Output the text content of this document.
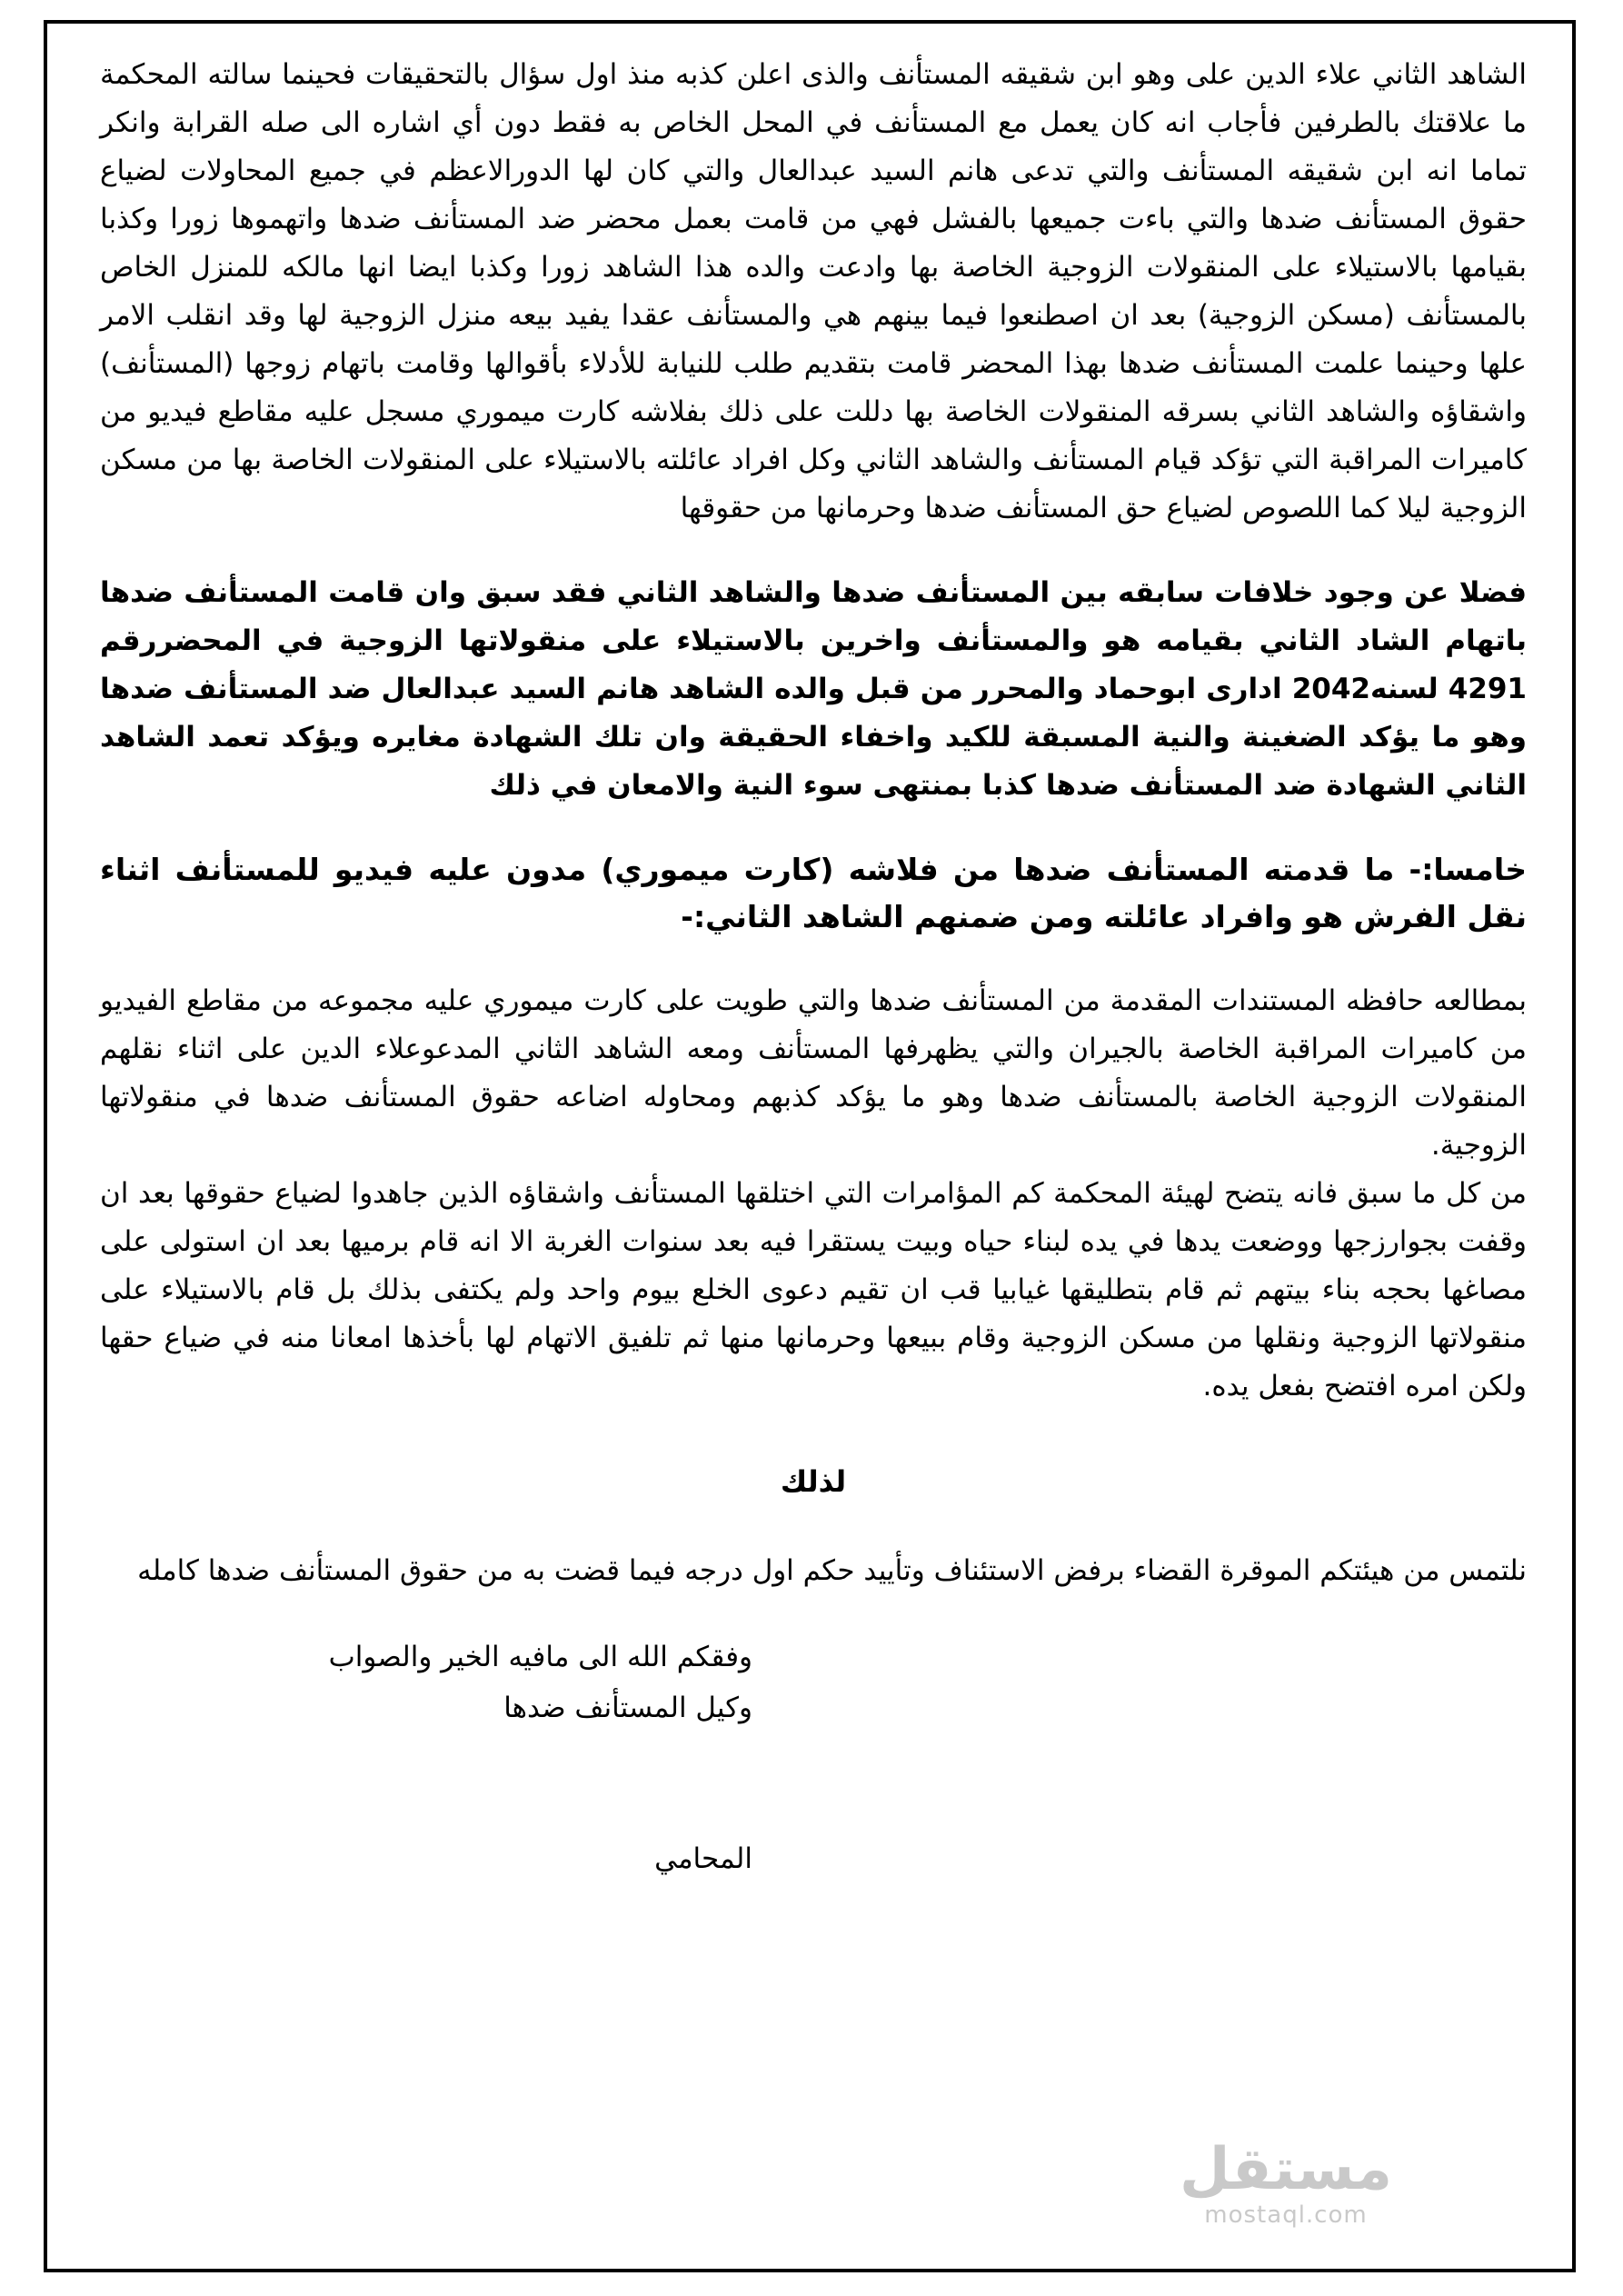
الشاهد الثاني علاء الدين على وهو ابن شقيقه المستأنف والذى اعلن كذبه منذ اول سؤال بالتحقيقات فحينما سالته المحكمة ما علاقتك بالطرفين فأجاب انه كان يعمل مع المستأنف في المحل الخاص به فقط دون أي اشاره الى صله القرابة وانكر تماما انه ابن شقيقه المستأنف والتي تدعى هانم السيد عبدالعال والتي كان لها الدورالاعظم في جميع المحاولات لضياع حقوق المستأنف ضدها والتي باءت جميعها بالفشل فهي من قامت بعمل محضر ضد المستأنف ضدها واتهموها زورا وكذبا بقيامها بالاستيلاء على المنقولات الزوجية الخاصة بها وادعت والده هذا الشاهد زورا وكذبا ايضا انها مالكه للمنزل الخاص بالمستأنف (مسكن الزوجية) بعد ان اصطنعوا فيما بينهم هي والمستأنف عقدا يفيد بيعه منزل الزوجية لها وقد انقلب الامر علها وحينما علمت المستأنف ضدها بهذا المحضر قامت بتقديم طلب للنيابة للأدلاء بأقوالها وقامت باتهام زوجها (المستأنف) واشقاؤه والشاهد الثاني بسرقه المنقولات الخاصة بها دللت على ذلك بفلاشه كارت ميموري مسجل عليه مقاطع فيديو من كاميرات المراقبة التي تؤكد قيام المستأنف والشاهد الثاني وكل افراد عائلته بالاستيلاء على المنقولات الخاصة بها من مسكن الزوجية ليلا كما اللصوص لضياع حق المستأنف ضدها وحرمانها من حقوقها

فضلا عن وجود خلافات سابقه بين المستأنف ضدها والشاهد الثاني فقد سبق وان قامت المستأنف ضدها باتهام الشاد الثاني بقيامه هو والمستأنف واخرين بالاستيلاء على منقولاتها الزوجية في المحضررقم 4291 لسنه2042 ادارى ابوحماد والمحرر من قبل والده الشاهد هانم السيد عبدالعال ضد المستأنف ضدها وهو ما يؤكد الضغينة والنية المسبقة للكيد واخفاء الحقيقة وان تلك الشهادة مغايره ويؤكد تعمد الشاهد الثاني الشهادة ضد المستأنف ضدها كذبا بمنتهى سوء النية والامعان في ذلك

خامسا:- ما قدمته المستأنف ضدها من فلاشه (كارت ميموري) مدون عليه فيديو للمستأنف اثناء نقل الفرش هو وافراد عائلته ومن ضمنهم الشاهد الثاني:-

بمطالعه حافظه المستندات المقدمة من المستأنف ضدها والتي طويت على كارت ميموري عليه مجموعه من مقاطع الفيديو من كاميرات المراقبة الخاصة بالجيران والتي يظهرفها المستأنف ومعه الشاهد الثاني المدعوعلاء الدين على اثناء نقلهم المنقولات الزوجية الخاصة بالمستأنف ضدها وهو ما يؤكد كذبهم ومحاوله اضاعه حقوق المستأنف ضدها في منقولاتها الزوجية.

من كل ما سبق فانه يتضح لهيئة المحكمة كم المؤامرات التي اختلقها المستأنف واشقاؤه الذين جاهدوا لضياع حقوقها بعد ان وقفت بجوارزجها ووضعت يدها في يده لبناء حياه وبيت يستقرا فيه بعد سنوات الغربة الا انه قام برميها بعد ان استولى على مصاغها بحجه بناء بيتهم ثم قام بتطليقها غيابيا قب ان تقيم دعوى الخلع بيوم واحد ولم يكتفى بذلك بل قام بالاستيلاء على منقولاتها الزوجية ونقلها من مسكن الزوجية وقام ببيعها وحرمانها منها ثم تلفيق الاتهام لها بأخذها امعانا منه في ضياع حقها ولكن امره افتضح بفعل يده.

لذلك

نلتمس من هيئتكم الموقرة القضاء برفض الاستئناف وتأييد حكم اول درجه فيما قضت به من حقوق المستأنف ضدها كامله

وفقكم الله الى مافيه الخير والصواب

وكيل المستأنف ضدها

المحامي

مستقل
mostaql.com
